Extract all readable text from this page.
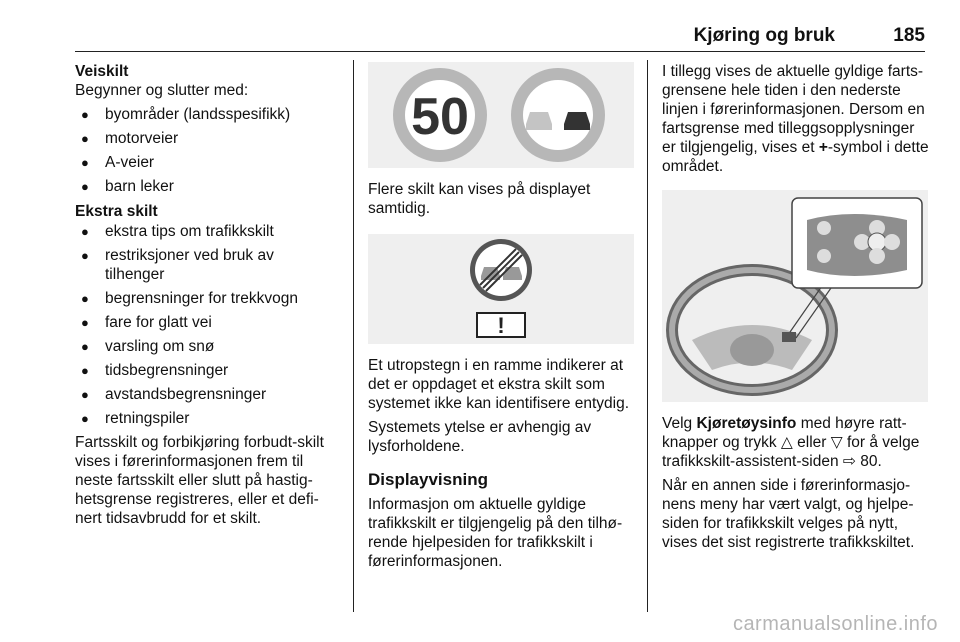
Kjøring og bruk	185
Veiskilt
Begynner og slutter med:
● byområder (landsspesifikk)
● motorveier
● A-veier
● barn leker
Ekstra skilt
● ekstra tips om trafikkskilt
● restriksjoner ved bruk av tilhenger
● begrensninger for trekkvogn
● fare for glatt vei
● varsling om snø
● tidsbegrensninger
● avstandsbegrensninger
● retningspiler

Fartsskilt og forbikjøring forbudt-skilt vises i førerinformasjonen frem til neste fartsskilt eller slutt på hastighetsgrense registreres, eller et definert tidsavbrudd for et skilt.

50

Flere skilt kan vises på displayet samtidig.

!

Et utropstegn i en ramme indikerer at det er oppdaget et ekstra skilt som systemet ikke kan identifisere entydig.

Systemets ytelse er avhengig av lysforholdene.

Displayvisning
Informasjon om aktuelle gyldige trafikkskilt er tilgjengelig på den tilhørende hjelpesiden for trafikkskilt i førerinformasjonen.
I tillegg vises de aktuelle gyldige fartsgrensene hele tiden i den nederste linjen i førerinformasjonen. Dersom en fartsgrense med tilleggsopplysninger er tilgjengelig, vises et +-symbol i dette området.
Velg Kjøretøysinfo med høyre rattknapper og trykk △ eller ▽ for å velge trafikkskilt-assistent-siden ⇨ 80.

Når en annen side i førerinformasjonens meny har vært valgt, og hjelpesiden for trafikkskilt velges på nytt, vises det sist registrerte trafikkskiltet.

carmanualsonline.info
